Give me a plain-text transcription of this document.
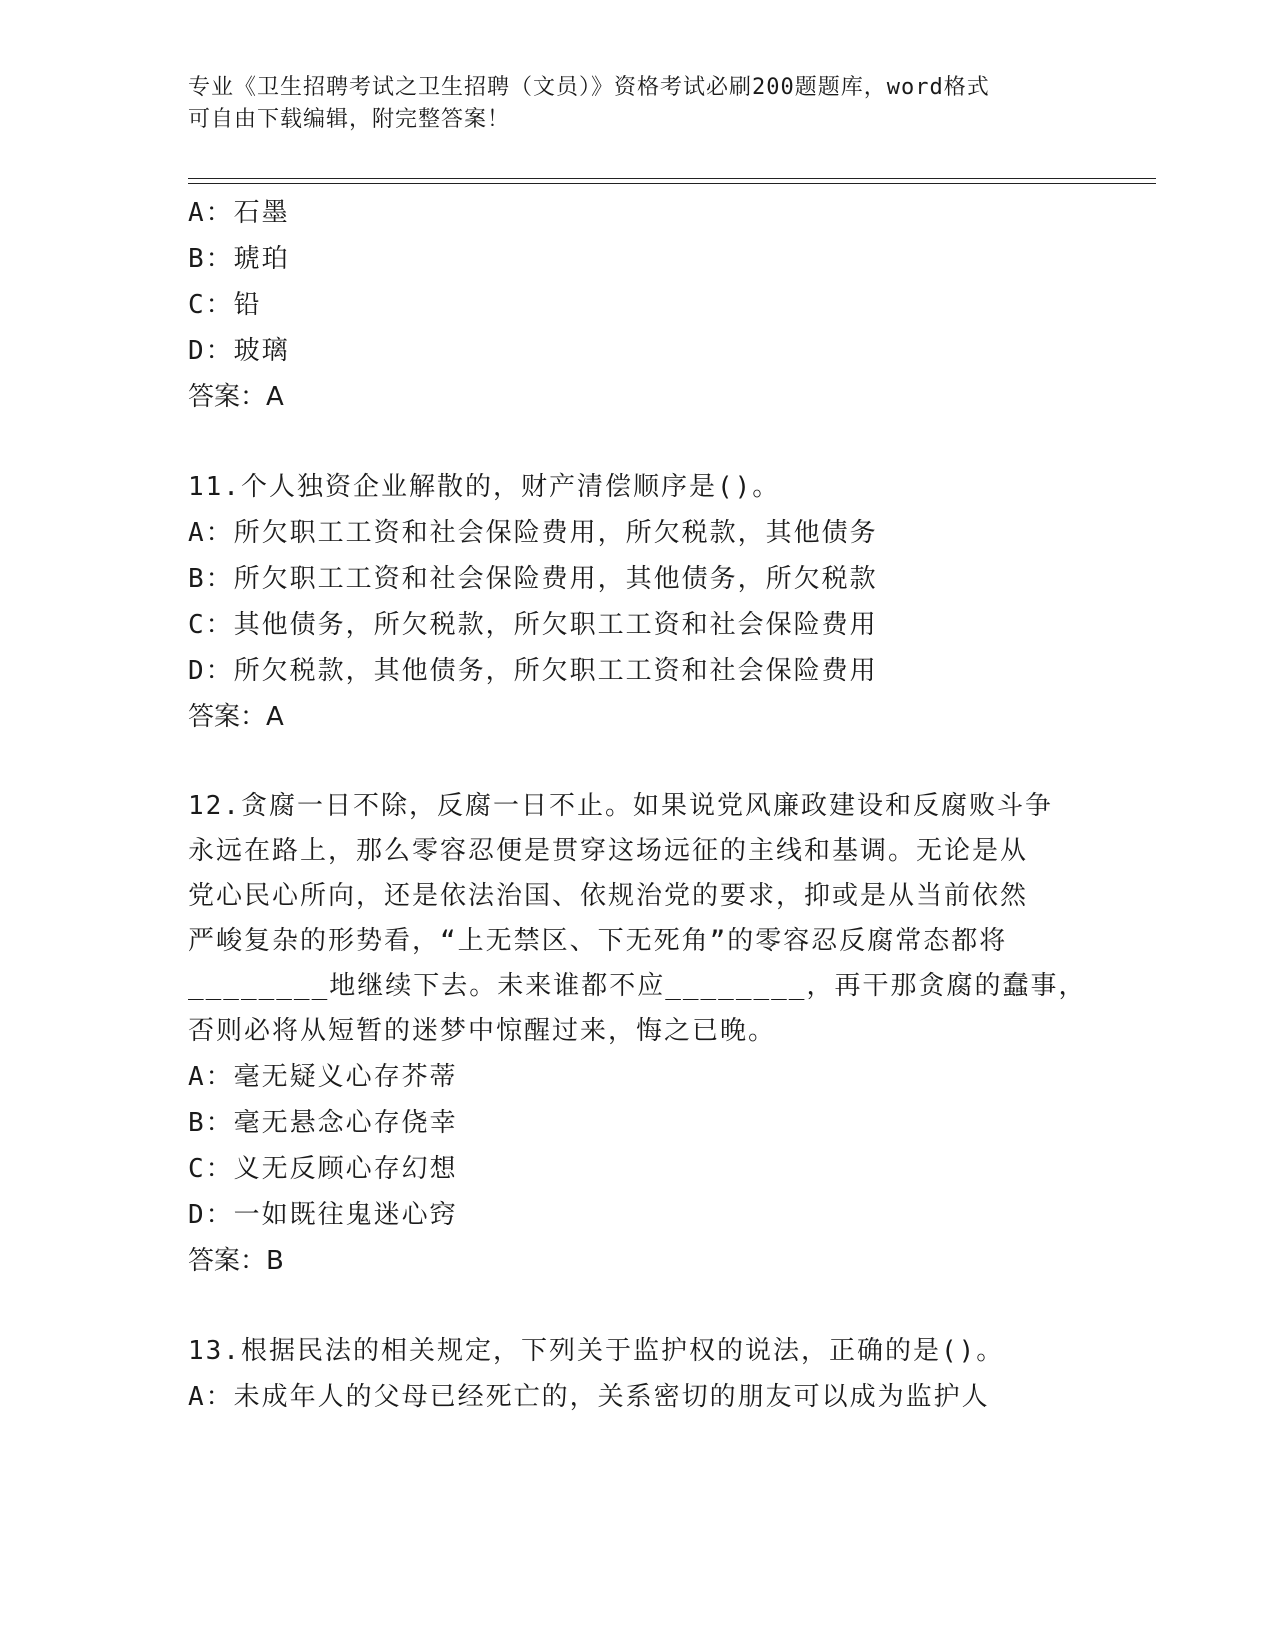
专业《卫生招聘考试之卫生招聘（文员）》资格考试必刷200题题库，word格式
可自由下载编辑，附完整答案！
A：石墨
B：琥珀
C：铅
D：玻璃
答案：A
11.个人独资企业解散的，财产清偿顺序是()。
A：所欠职工工资和社会保险费用，所欠税款，其他债务
B：所欠职工工资和社会保险费用，其他债务，所欠税款
C：其他债务，所欠税款，所欠职工工资和社会保险费用
D：所欠税款，其他债务，所欠职工工资和社会保险费用
答案：A
12.贪腐一日不除，反腐一日不止。如果说党风廉政建设和反腐败斗争
永远在路上，那么零容忍便是贯穿这场远征的主线和基调。无论是从
党心民心所向，还是依法治国、依规治党的要求，抑或是从当前依然
严峻复杂的形势看，“上无禁区、下无死角”的零容忍反腐常态都将
________地继续下去。未来谁都不应________，再干那贪腐的蠢事，
否则必将从短暂的迷梦中惊醒过来，悔之已晚。
A：毫无疑义心存芥蒂
B：毫无悬念心存侥幸
C：义无反顾心存幻想
D：一如既往鬼迷心窍
答案：B
13.根据民法的相关规定，下列关于监护权的说法，正确的是()。
A：未成年人的父母已经死亡的，关系密切的朋友可以成为监护人
